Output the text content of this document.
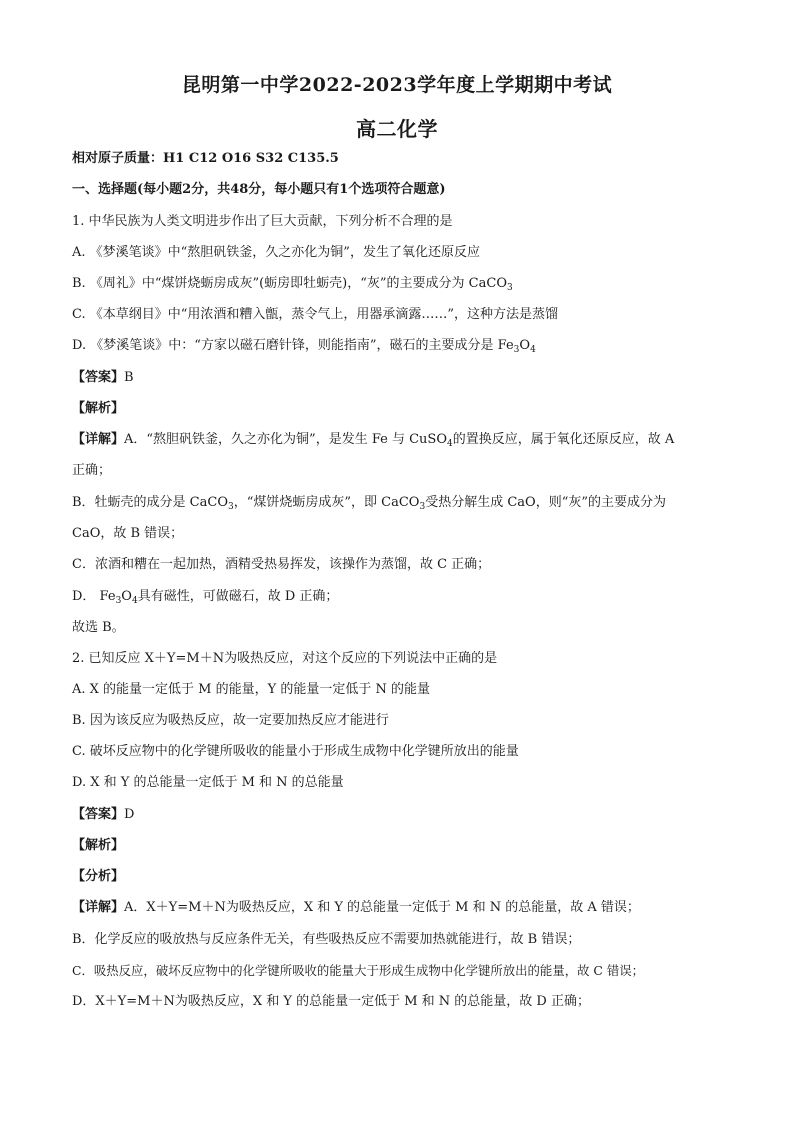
昆明第一中学2022-2023学年度上学期期中考试
高二化学
相对原子质量：H1 C12 O16 S32 C135.5
一、选择题(每小题2分，共48分，每小题只有1个选项符合题意)
1. 中华民族为人类文明进步作出了巨大贡献，下列分析不合理的是
A. 《梦溪笔谈》中“熬胆矾铁釜，久之亦化为铜”，发生了氧化还原反应
B. 《周礼》中“煤饼烧蛎房成灰”(蛎房即牡蛎壳)，“灰”的主要成分为 CaCO$_3$
C. 《本草纲目》中“用浓酒和糟入甑，蒸令气上，用器承滴露……”，这种方法是蒸馏
D. 《梦溪笔谈》中：“方家以磁石磨针锋，则能指南”，磁石的主要成分是 $Fe_3O_4$
【答案】B
【解析】
【详解】A．“熬胆矾铁釜，久之亦化为铜”，是发生 Fe 与 CuSO$_4$的置换反应，属于氧化还原反应，故 A
正确；
B．牡蛎壳的成分是 CaCO$_3$，“煤饼烧蛎房成灰”，即 CaCO$_3$受热分解生成 CaO，则“灰”的主要成分为
CaO，故 B 错误；
C．浓酒和糟在一起加热，酒精受热易挥发，该操作为蒸馏，故 C 正确；
D． $Fe_3O_4$具有磁性，可做磁石，故 D 正确；
故选 B。
2. 已知反应 X＋Y=M＋N为吸热反应，对这个反应的下列说法中正确的是
A. X 的能量一定低于 M 的能量，Y 的能量一定低于 N 的能量
B. 因为该反应为吸热反应，故一定要加热反应才能进行
C. 破坏反应物中的化学键所吸收的能量小于形成生成物中化学键所放出的能量
D. X 和 Y 的总能量一定低于 M 和 N 的总能量
【答案】D
【解析】
【分析】
【详解】A．X＋Y=M＋N为吸热反应，X 和 Y 的总能量一定低于 M 和 N 的总能量，故 A 错误；
B．化学反应的吸放热与反应条件无关，有些吸热反应不需要加热就能进行，故 B 错误；
C．吸热反应，破坏反应物中的化学键所吸收的能量大于形成生成物中化学键所放出的能量，故 C 错误；
D．X＋Y=M＋N为吸热反应，X 和 Y 的总能量一定低于 M 和 N 的总能量，故 D 正确；
